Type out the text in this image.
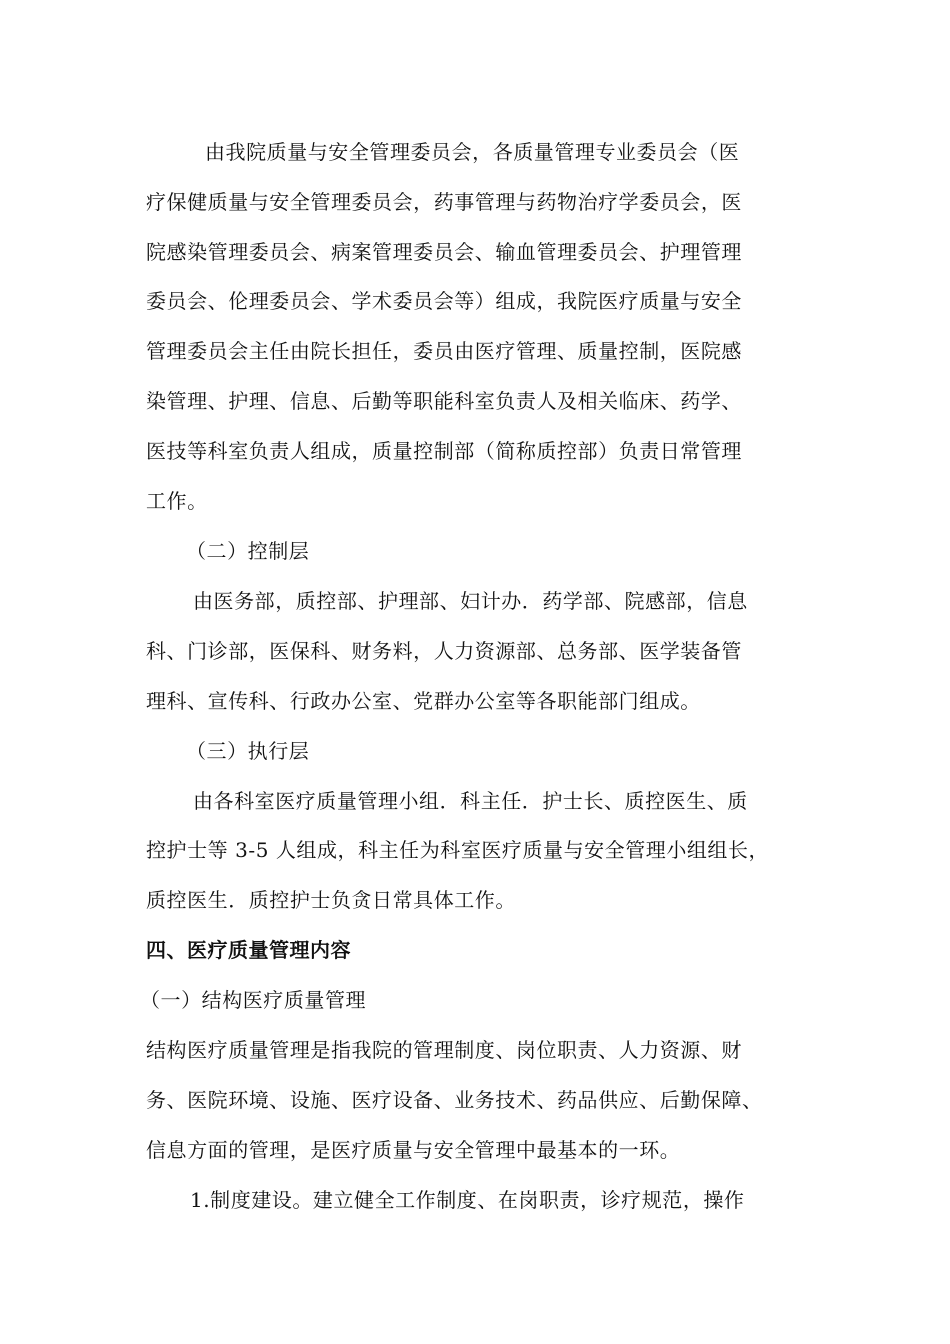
由我院质量与安全管理委员会，各质量管理专业委员会（医
疗保健质量与安全管理委员会，药事管理与药物治疗学委员会，医
院感染管理委员会、病案管理委员会、输血管理委员会、护理管理
委员会、伦理委员会、学术委员会等）组成，我院医疗质量与安全
管理委员会主任由院长担任，委员由医疗管理、质量控制，医院感
染管理、护理、信息、后勤等职能科室负责人及相关临床、药学、
医技等科室负责人组成，质量控制部（简称质控部）负责日常管理
工作。
（二）控制层
由医务部，质控部、护理部、妇计办．药学部、院感部，信息
科、门诊部，医保科、财务料，人力资源部、总务部、医学装备管
理科、宣传科、行政办公室、党群办公室等各职能部门组成。
（三）执行层
由各科室医疗质量管理小组．科主任．护士长、质控医生、质
控护士等 3-5 人组成，科主任为科室医疗质量与安全管理小组组长，
质控医生．质控护士负贪日常具体工作。
四、医疗质量管理内容
（一）结构医疗质量管理
结构医疗质量管理是指我院的管理制度、岗位职责、人力资源、财
务、医院环境、设施、医疗设备、业务技术、药品供应、后勤保障、
信息方面的管理，是医疗质量与安全管理中最基本的一环。
1.制度建设。建立健全工作制度、在岗职责，诊疗规范，操作
